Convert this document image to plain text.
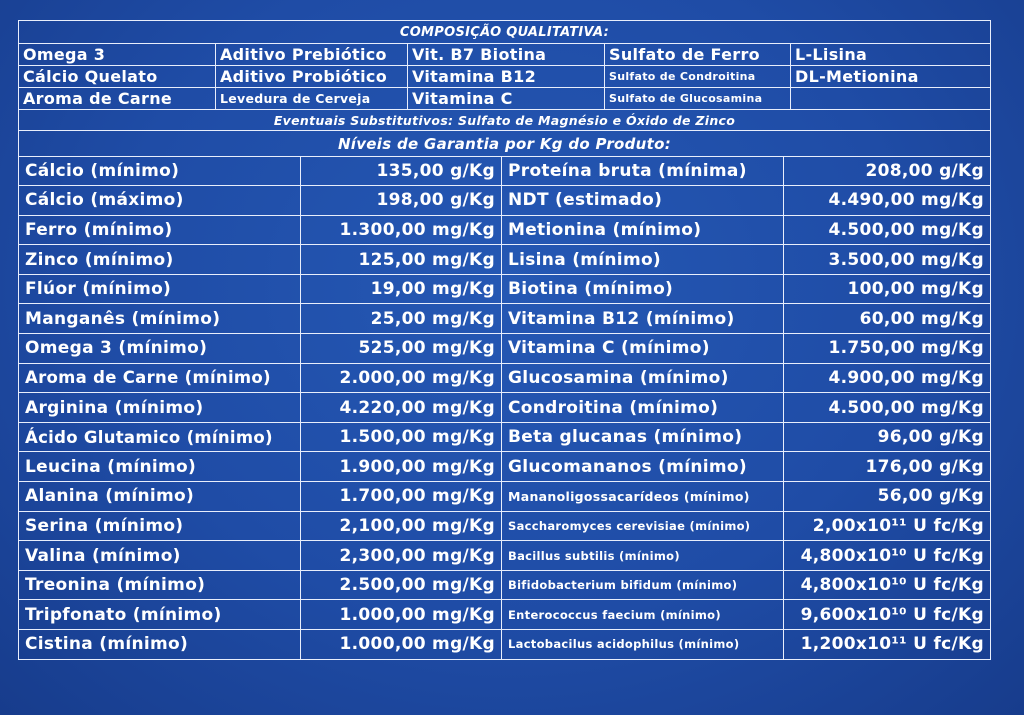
COMPOSIÇÃO QUALITATIVA:				
Omega 3	Aditivo Prebiótico	Vit. B7 Biotina	Sulfato de Ferro	L-Lisina
Cálcio Quelato	Aditivo Probiótico	Vitamina B12	Sulfato de Condroitina	DL-Metionina
Aroma de Carne	Levedura de Cerveja	Vitamina C	Sulfato de Glucosamina	
Eventuais Substitutivos: Sulfato de Magnésio e Óxido de Zinco				
Níveis de Garantia por Kg do Produto:				
Cálcio (mínimo)	135,00 g/Kg	Proteína bruta (mínima)	208,00 g/Kg
Cálcio (máximo)	198,00 g/Kg	NDT (estimado)	4.490,00 mg/Kg
Ferro (mínimo)	1.300,00 mg/Kg	Metionina (mínimo)	4.500,00 mg/Kg
Zinco (mínimo)	125,00 mg/Kg	Lisina (mínimo)	3.500,00 mg/Kg
Flúor (mínimo)	19,00 mg/Kg	Biotina (mínimo)	100,00 mg/Kg
Manganês (mínimo)	25,00 mg/Kg	Vitamina B12 (mínimo)	60,00 mg/Kg
Omega 3 (mínimo)	525,00 mg/Kg	Vitamina C (mínimo)	1.750,00 mg/Kg
Aroma de Carne (mínimo)	2.000,00 mg/Kg	Glucosamina (mínimo)	4.900,00 mg/Kg
Arginina (mínimo)	4.220,00 mg/Kg	Condroitina (mínimo)	4.500,00 mg/Kg
Ácido Glutamico (mínimo)	1.500,00 mg/Kg	Beta glucanas (mínimo)	96,00 g/Kg
Leucina (mínimo)	1.900,00 mg/Kg	Glucomananos (mínimo)	176,00 g/Kg
Alanina (mínimo)	1.700,00 mg/Kg	Mananoligossacarídeos (mínimo)	56,00 g/Kg
Serina (mínimo)	2,100,00 mg/Kg	Saccharomyces cerevisiae (mínimo)	2,00x10¹¹ U fc/Kg
Valina (mínimo)	2,300,00 mg/Kg	Bacillus subtilis (mínimo)	4,800x10¹⁰ U fc/Kg
Treonina (mínimo)	2.500,00 mg/Kg	Bifidobacterium bifidum (mínimo)	4,800x10¹⁰ U fc/Kg
Tripfonato (mínimo)	1.000,00 mg/Kg	Enterococcus faecium (mínimo)	9,600x10¹⁰ U fc/Kg
Cistina (mínimo)	1.000,00 mg/Kg	Lactobacilus acidophilus (mínimo)	1,200x10¹¹ U fc/Kg
